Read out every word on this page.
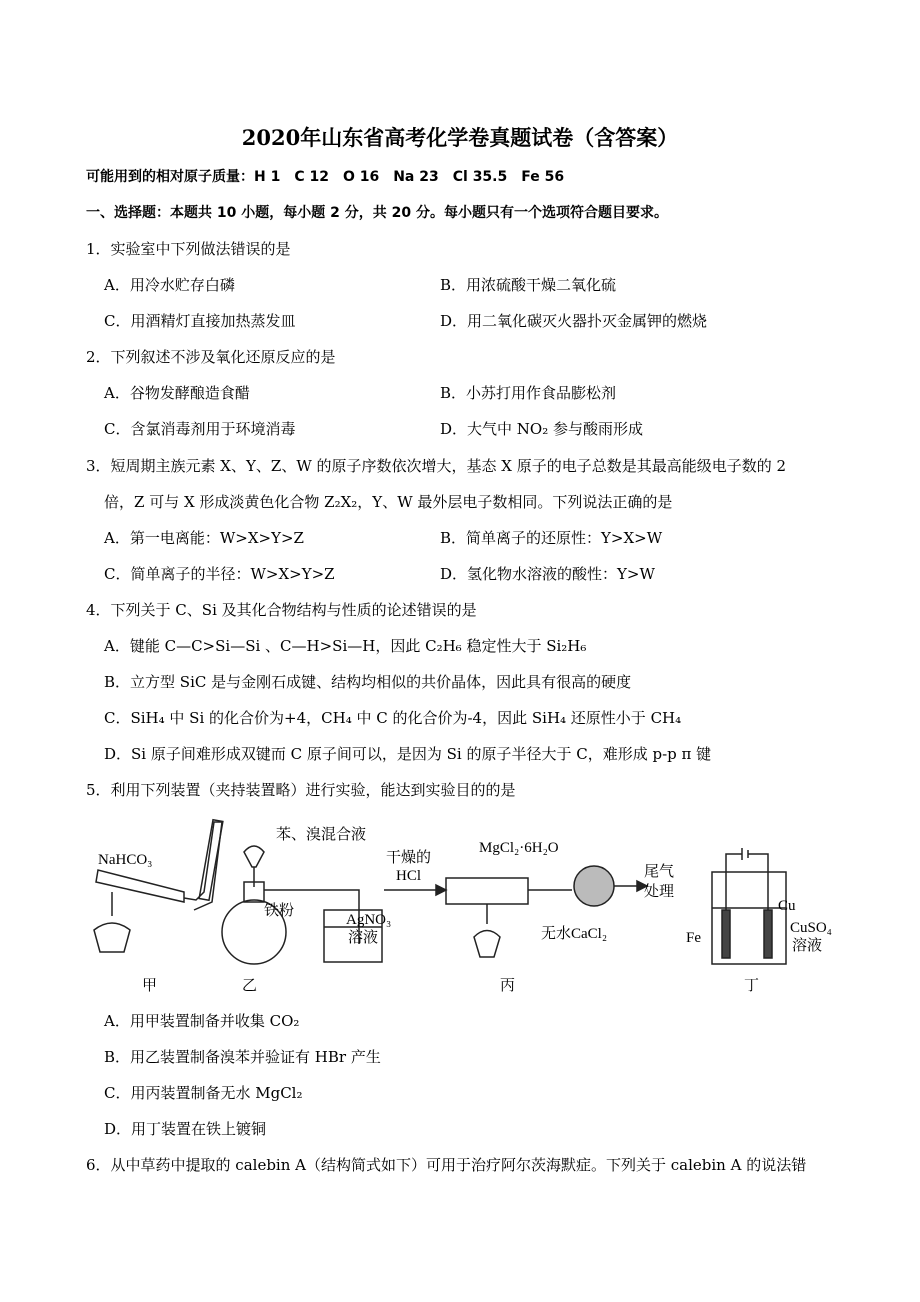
2020年山东省高考化学卷真题试卷（含答案）
可能用到的相对原子质量：H 1　C 12　O 16　Na 23　Cl 35.5　Fe 56
一、选择题：本题共 10 小题，每小题 2 分，共 20 分。每小题只有一个选项符合题目要求。
1．实验室中下列做法错误的是
A．用冷水贮存白磷	B．用浓硫酸干燥二氧化硫
C．用酒精灯直接加热蒸发皿	D．用二氧化碳灭火器扑灭金属钾的燃烧
2．下列叙述不涉及氧化还原反应的是
A．谷物发酵酿造食醋	B．小苏打用作食品膨松剂
C．含氯消毒剂用于环境消毒	D．大气中 NO₂ 参与酸雨形成
3．短周期主族元素 X、Y、Z、W 的原子序数依次增大，基态 X 原子的电子总数是其最高能级电子数的 2
倍，Z 可与 X 形成淡黄色化合物 Z₂X₂，Y、W 最外层电子数相同。下列说法正确的是
A．第一电离能：W>X>Y>Z	B．简单离子的还原性：Y>X>W
C．简单离子的半径：W>X>Y>Z	D．氢化物水溶液的酸性：Y>W
4．下列关于 C、Si 及其化合物结构与性质的论述错误的是
A．键能 C—C>Si—Si 、C—H>Si—H，因此 C₂H₆ 稳定性大于 Si₂H₆
B．立方型 SiC 是与金刚石成键、结构均相似的共价晶体，因此具有很高的硬度
C．SiH₄ 中 Si 的化合价为+4，CH₄ 中 C 的化合价为-4，因此 SiH₄ 还原性小于 CH₄
D．Si 原子间难形成双键而 C 原子间可以，是因为 Si 的原子半径大于 C，难形成 p-p π 键
5．利用下列装置（夹持装置略）进行实验，能达到实验目的的是
NaHCO₃
甲
苯、溴混合液
铁粉
AgNO₃
溶液
乙
干燥的
HCl
MgCl₂·6H₂O
无水CaCl₂
尾气
处理
丙
Cu
Fe
CuSO₄
溶液
丁
A．用甲装置制备并收集 CO₂
B．用乙装置制备溴苯并验证有 HBr 产生
C．用丙装置制备无水 MgCl₂
D．用丁装置在铁上镀铜
6．从中草药中提取的 calebin A（结构简式如下）可用于治疗阿尔茨海默症。下列关于 calebin A 的说法错
